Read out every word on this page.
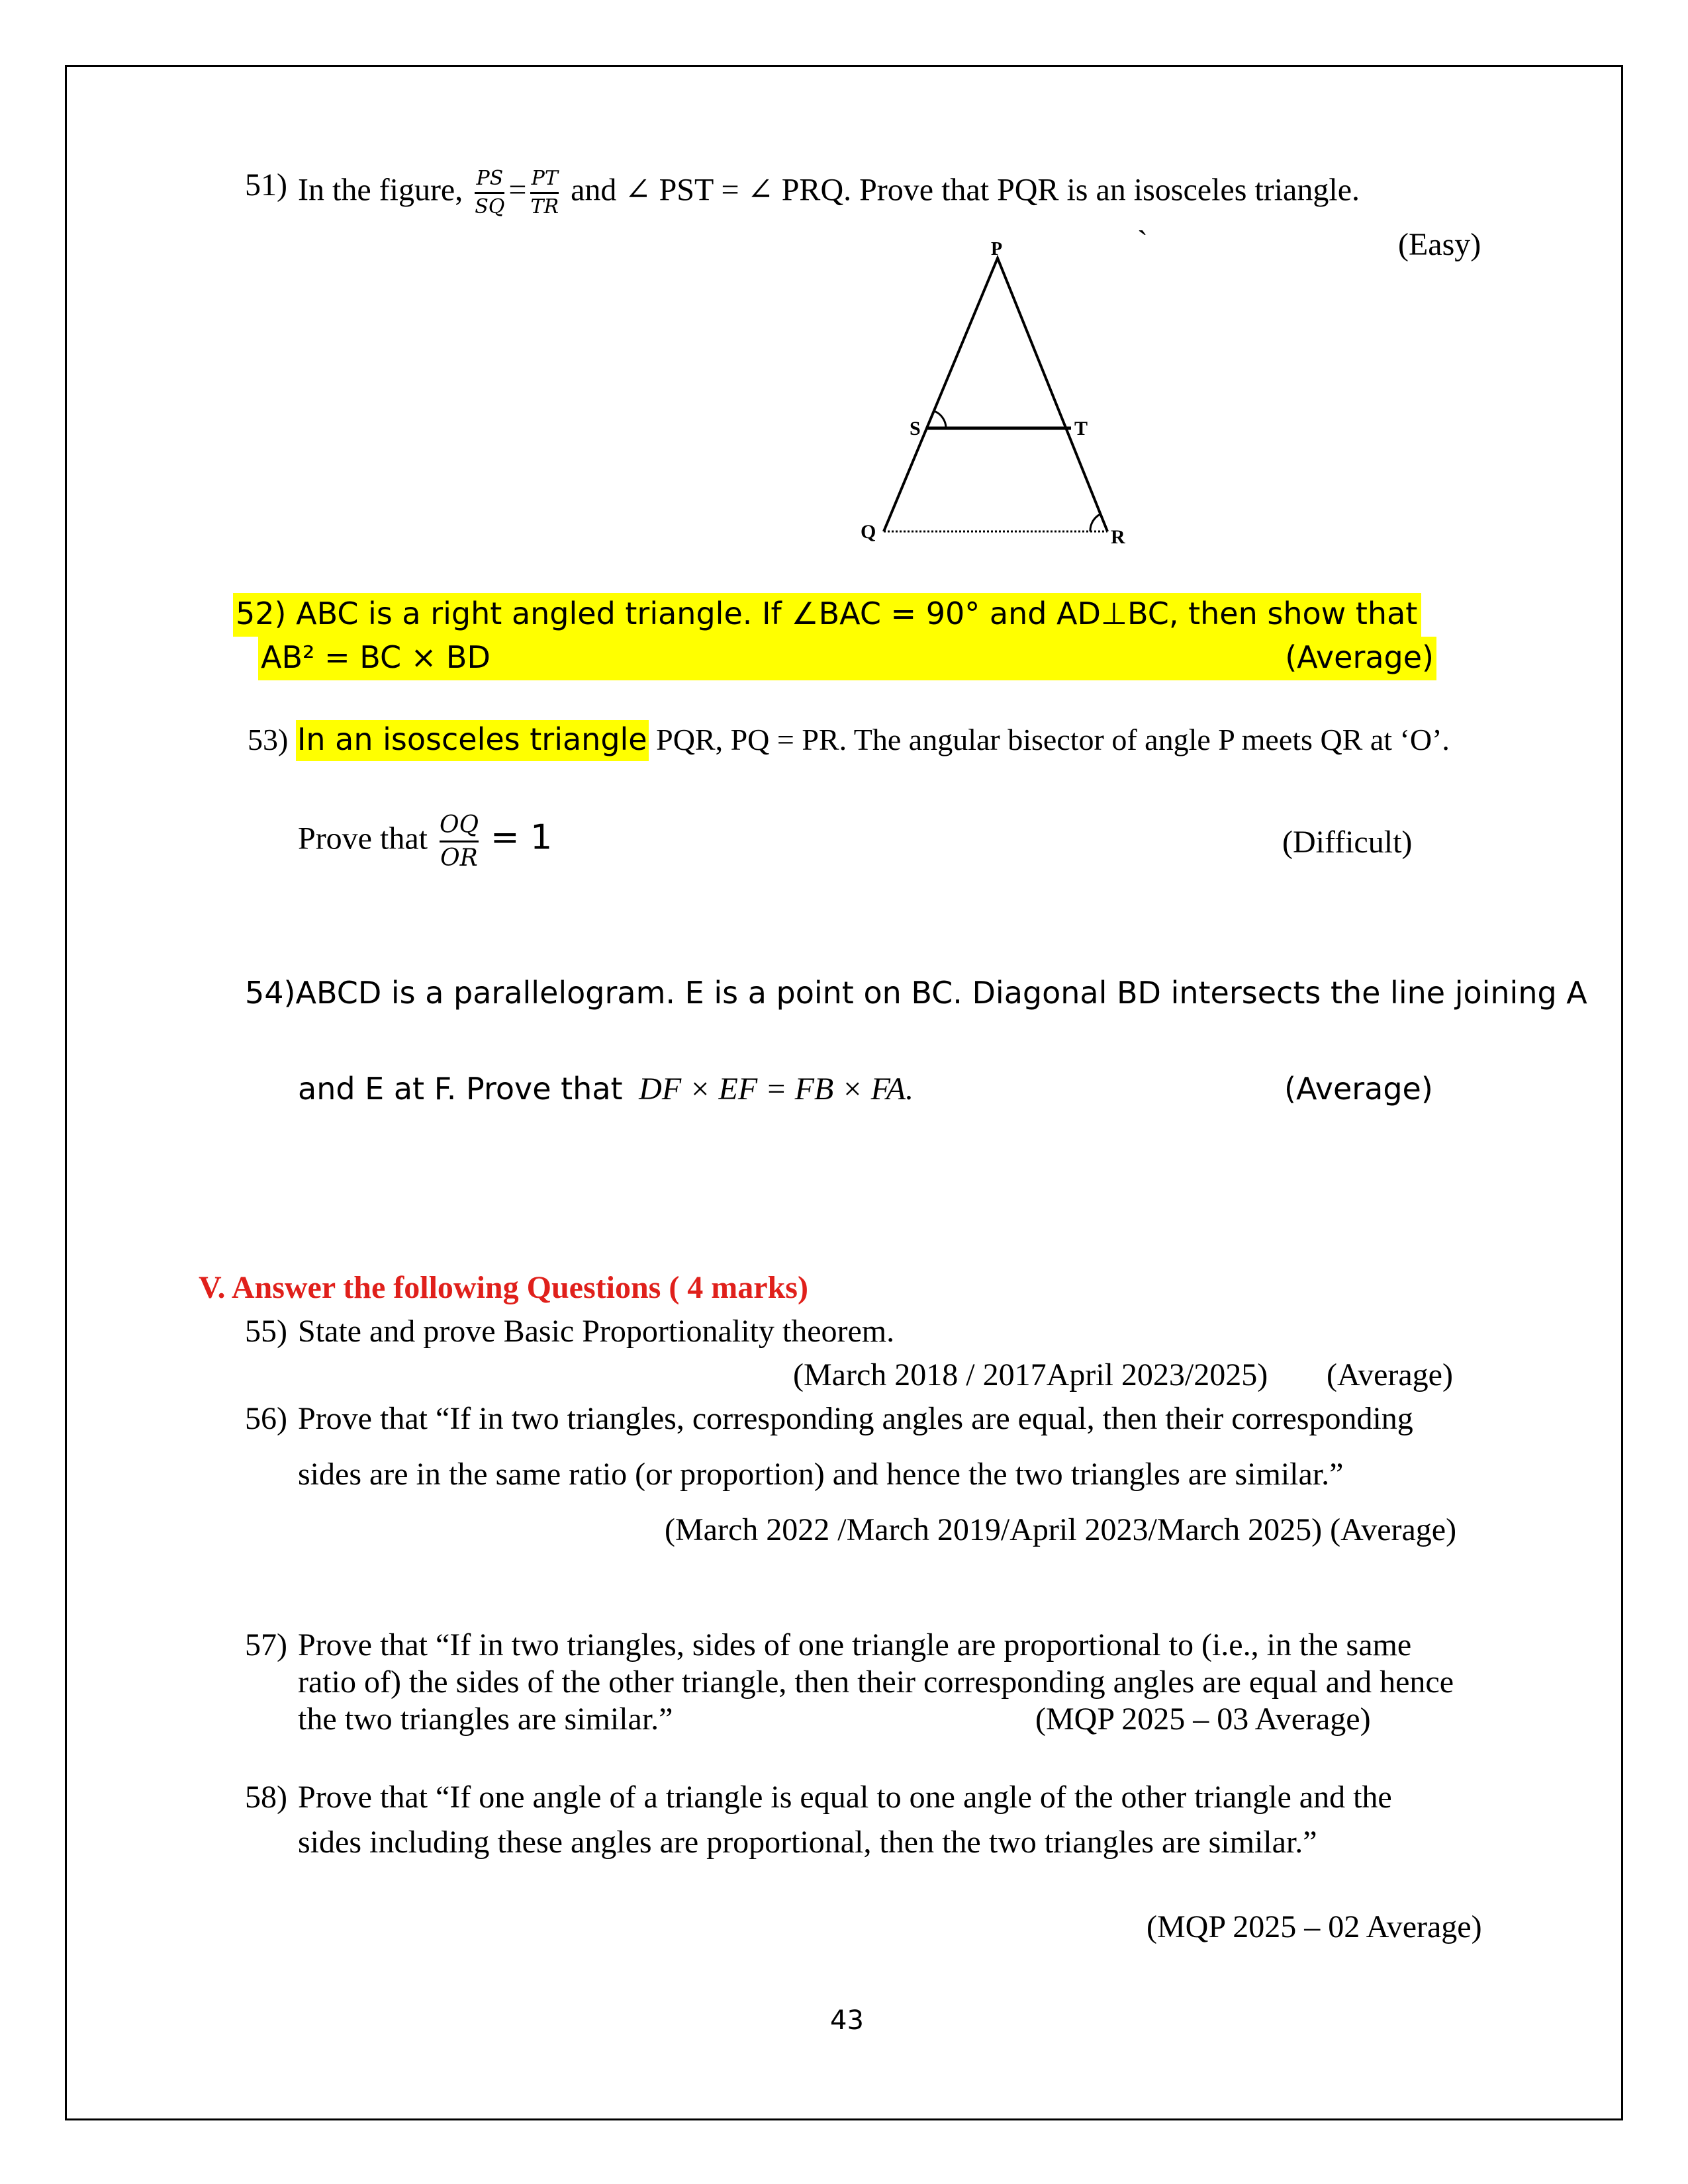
51) In the figure, $\frac{PS}{SQ} = \frac{PT}{TR}$ and ∠ PST = ∠ PRQ. Prove that PQR is an isosceles triangle.
`	(Easy)
P
S	T
Q	R
52) ABC is a right angled triangle. If ∠BAC = 90° and AD⊥BC, then show that
AB² = BC × BD	(Average)
53) In an isosceles triangle PQR, PQ = PR. The angular bisector of angle P meets QR at ‘O’.
Prove that $\frac{OQ}{OR} = 1$	(Difficult)
54)ABCD is a parallelogram. E is a point on BC. Diagonal BD intersects the line joining A
and E at F. Prove that DF × EF = FB × FA.	(Average)
V. Answer the following Questions ( 4 marks)
55) State and prove Basic Proportionality theorem.
(March 2018 / 2017April 2023/2025) (Average)
56) Prove that “If in two triangles, corresponding angles are equal, then their corresponding
sides are in the same ratio (or proportion) and hence the two triangles are similar.”
(March 2022 /March 2019/April 2023/March 2025) (Average)
57) Prove that “If in two triangles, sides of one triangle are proportional to (i.e., in the same
ratio of) the sides of the other triangle, then their corresponding angles are equal and hence
the two triangles are similar.”	(MQP 2025 – 03 Average)
58) Prove that “If one angle of a triangle is equal to one angle of the other triangle and the
sides including these angles are proportional, then the two triangles are similar.”
(MQP 2025 – 02 Average)
43
